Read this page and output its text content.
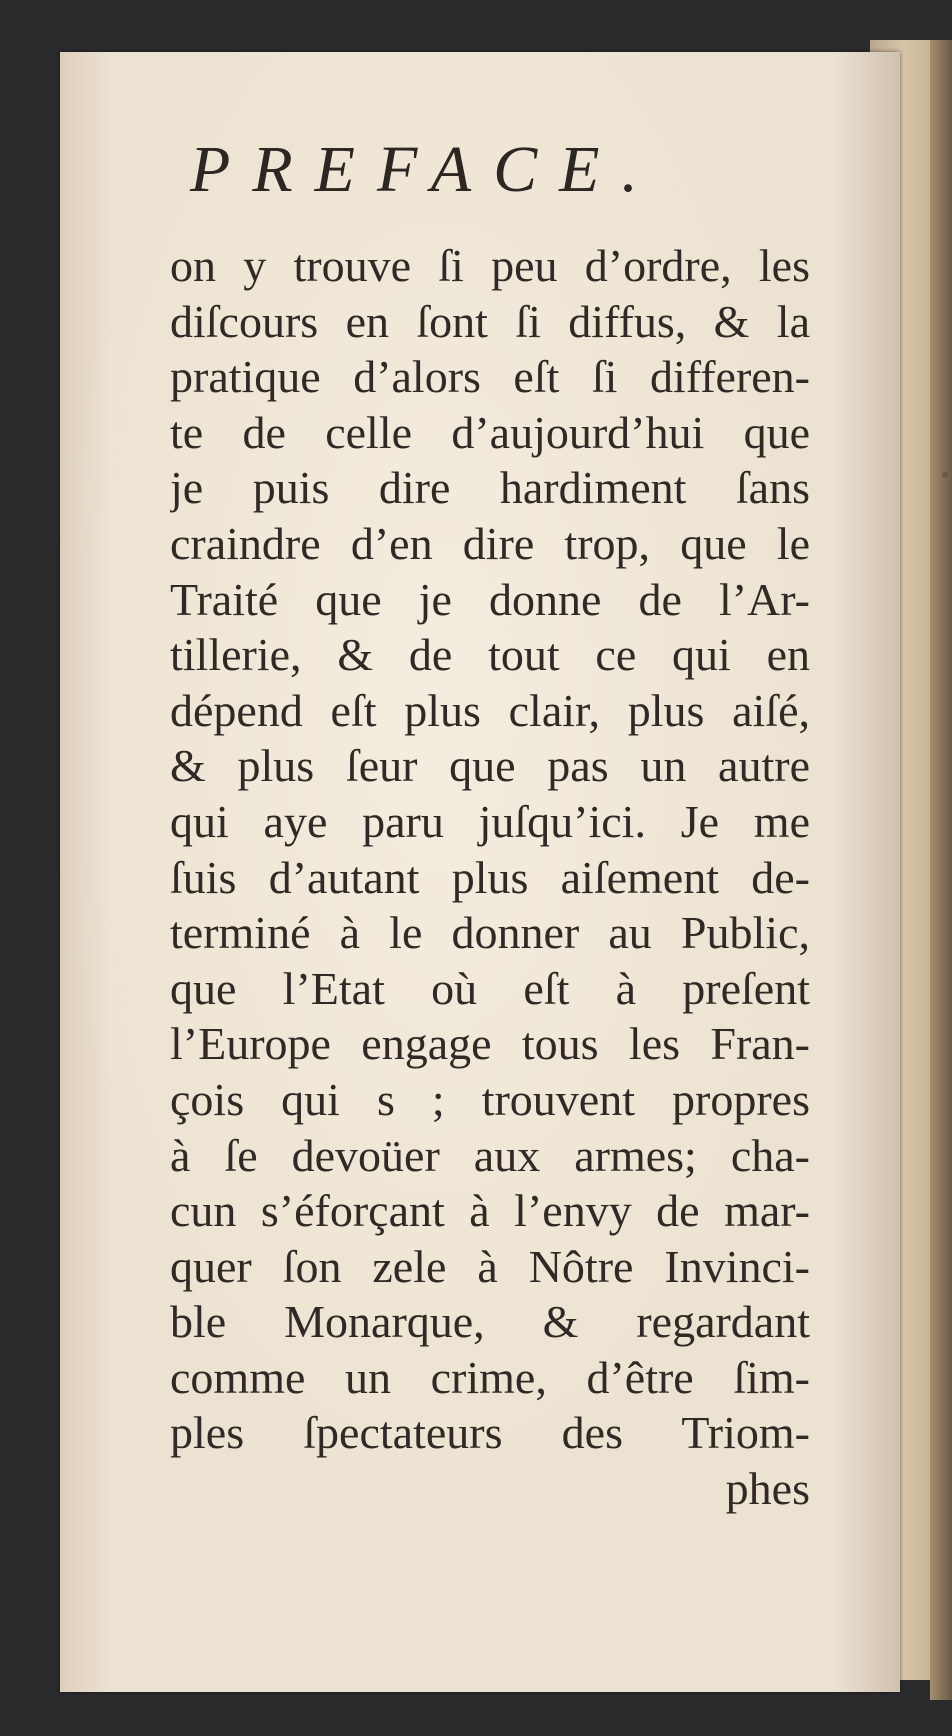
PREFACE.
on y trouve ſi peu d’ordre, les
diſcours en ſont ſi diffus, & la
pratique d’alors eſt ſi differen-
te de celle d’aujourd’hui que
je puis dire hardiment ſans
craindre d’en dire trop, que le
Traité que je donne de l’Ar-
tillerie, & de tout ce qui en
dépend eſt plus clair, plus aiſé,
& plus ſeur que pas un autre
qui aye paru juſqu’ici. Je me
ſuis d’autant plus aiſement de-
terminé à le donner au Public,
que l’Etat où eſt à preſent
l’Europe engage tous les Fran-
çois qui s ; trouvent propres
à ſe devoüer aux armes; cha-
cun s’éforçant à l’envy de mar-
quer ſon zele à Nôtre Invinci-
ble Monarque, & regardant
comme un crime, d’être ſim-
ples ſpectateurs des Triom-
phes
